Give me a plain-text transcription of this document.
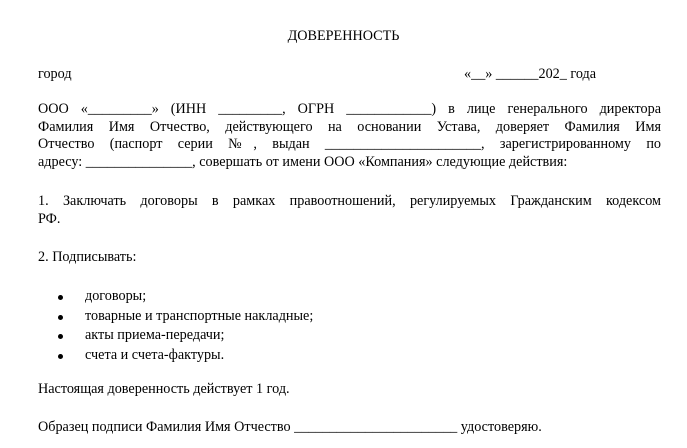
ДОВЕРЕННОСТЬ
город	«__» ______202_ года
ООО «_________» (ИНН _________, ОГРН ____________) в лице генерального директора
Фамилия Имя Отчество, действующего на основании Устава, доверяет Фамилия Имя
Отчество (паспорт серии №, выдан ______________________, зарегистрированному по
адресу: _______________, совершать от имени ООО «Компания» следующие действия:
1. Заключать договоры в рамках правоотношений, регулируемых Гражданским кодексом
РФ.
2. Подписывать:
договоры;
товарные и транспортные накладные;
акты приема-передачи;
счета и счета-фактуры.
Настоящая доверенность действует 1 год.
Образец подписи Фамилия Имя Отчество _______________________ удостоверяю.
